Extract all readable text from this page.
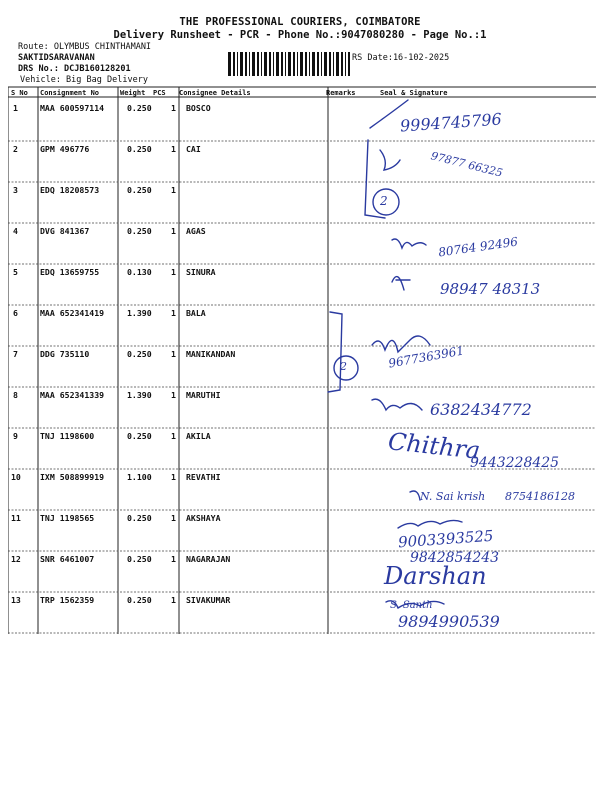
THE PROFESSIONAL COURIERS, COIMBATORE
Delivery Runsheet - PCR - Phone No.:9047080280 - Page No.:1
Route: OLYMBUS CHINTHAMANI
SAKTIDSARAVANAN	RS Date:16-102-2025
DRS No.: DCJB160128201
Vehicle: Big Bag Delivery
S No Consignment No	Weight PCS Consignee Details	Remarks	Seal & Signature
1	MAA 600597114	0.250 1 BOSCO
2	GPM 496776	0.250 1 CAI
3	EDQ 18208573	0.250 1
4	DVG 841367	0.250 1 AGAS
5	EDQ 13659755	0.130 1 SINURA
6	MAA 652341419	1.390 1 BALA
7	DDG 735110	0.250 1 MANIKANDAN
8	MAA 652341339	1.390 1 MARUTHI
9	TNJ 1198600	0.250 1 AKILA
10 IXM 508899919	1.100 1 REVATHI
11 TNJ 1198565	0.250 1 AKSHAYA
12 SNR 6461007	0.250 1 NAGARAJAN
13 TRP 1562359	0.250 1 SIVAKUMAR
9994745796
97877 66325
2
80764 92496
98947 48313
9677363961
2
6382434772
Chithra
9443228425
N. Sai krish 8754186128
9003393525
9842854243
Darshan
S. Santh
9894990539
